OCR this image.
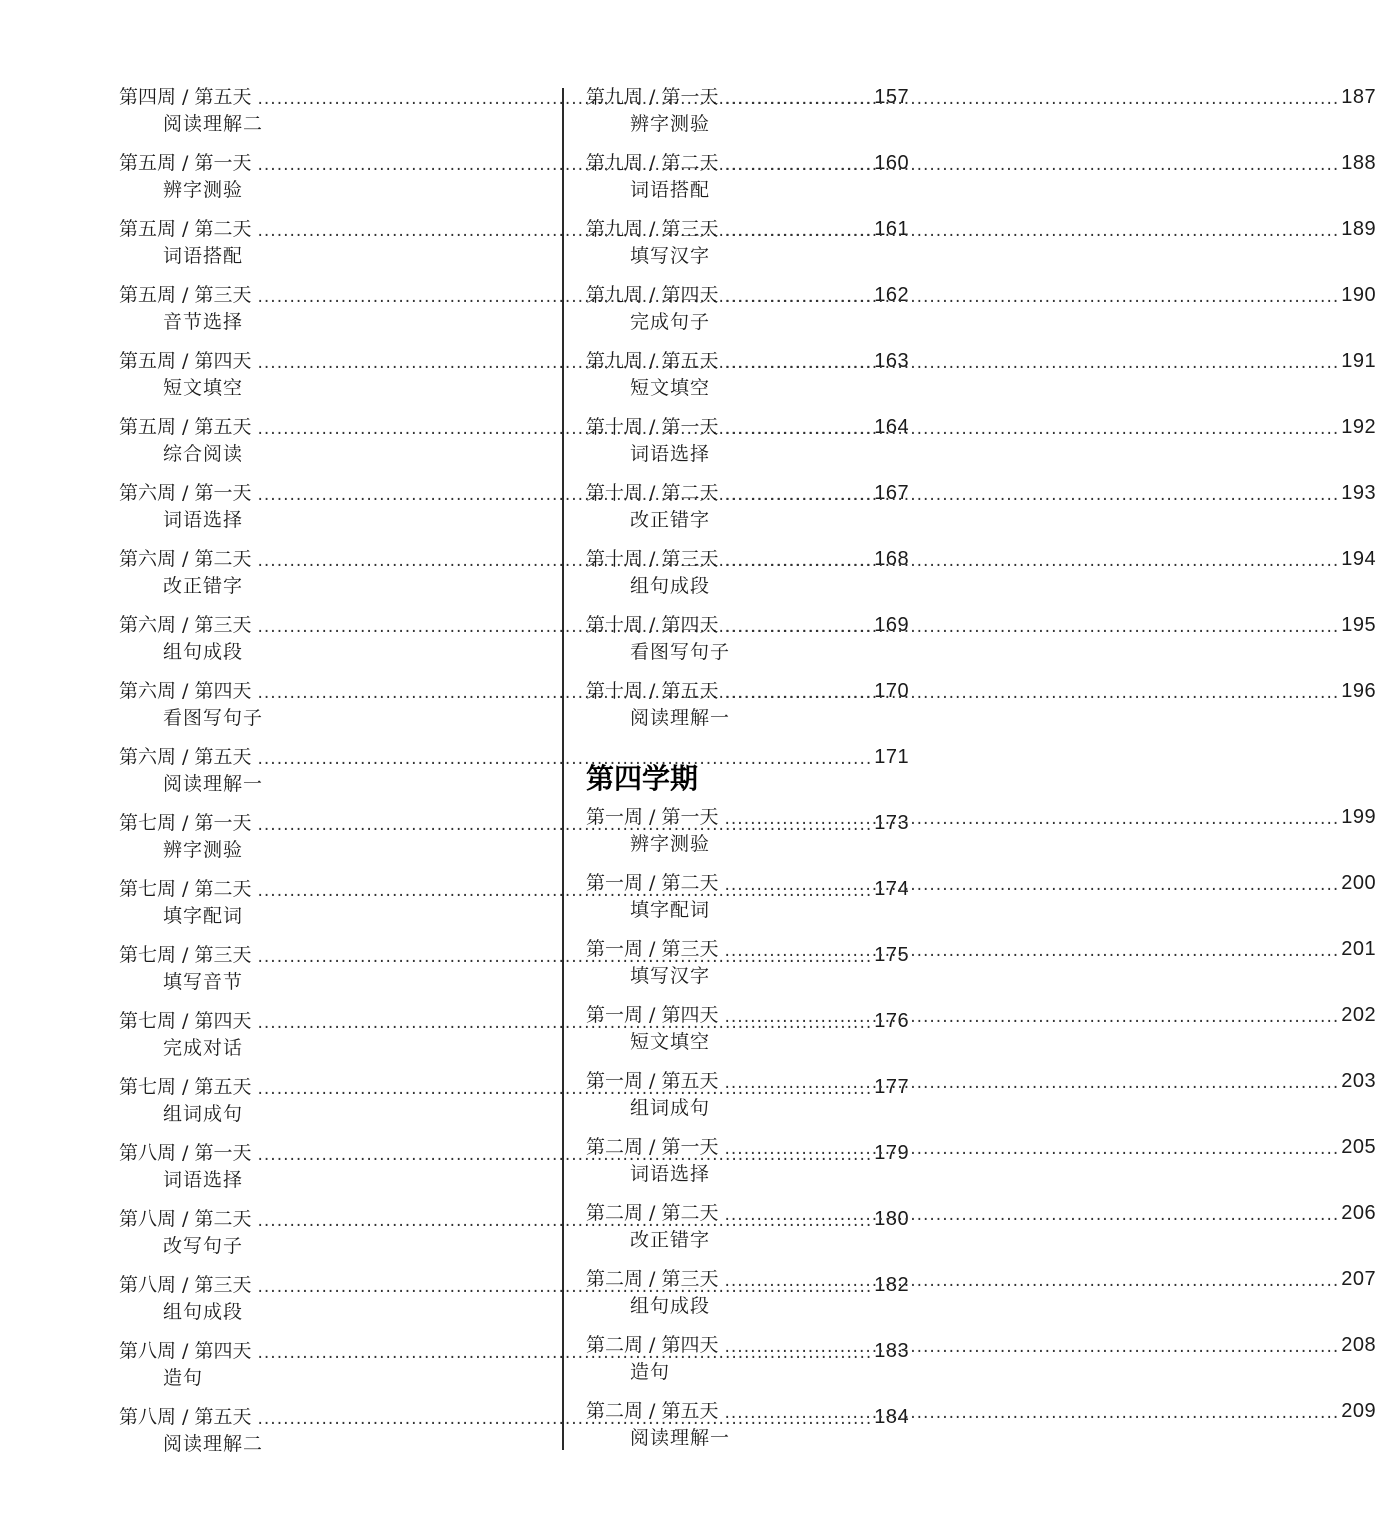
第四周 / 第五天 .....	157
阅读理解二
第五周 / 第一天 .....	160
辨字测验
第五周 / 第二天 .....	161
词语搭配
第五周 / 第三天 .....	162
音节选择
第五周 / 第四天 .....	163
短文填空
第五周 / 第五天 .....	164
综合阅读
第六周 / 第一天 .....	167
词语选择
第六周 / 第二天 .....	168
改正错字
第六周 / 第三天 .....	169
组句成段
第六周 / 第四天 .....	170
看图写句子
第六周 / 第五天 .....	171
阅读理解一
第七周 / 第一天 .....	173
辨字测验
第七周 / 第二天 .....	174
填字配词
第七周 / 第三天 .....	175
填写音节
第七周 / 第四天 .....	176
完成对话
第七周 / 第五天 .....	177
组词成句
第八周 / 第一天 .....	179
词语选择
第八周 / 第二天 .....	180
改写句子
第八周 / 第三天 .....	182
组句成段
第八周 / 第四天 .....	183
造句
第八周 / 第五天 .....	184
阅读理解二
第四学期
第九周 / 第一天 .....	187
辨字测验
第九周 / 第二天 .....	188
词语搭配
第九周 / 第三天 .....	189
填写汉字
第九周 / 第四天 .....	190
完成句子
第九周 / 第五天 .....	191
短文填空
第十周 / 第一天 .....	192
词语选择
第十周 / 第二天 .....	193
改正错字
第十周 / 第三天 .....	194
组句成段
第十周 / 第四天 .....	195
看图写句子
第十周 / 第五天 .....	196
阅读理解一
第一周 / 第一天 .....	199
辨字测验
第一周 / 第二天 .....	200
填字配词
第一周 / 第三天 .....	201
填写汉字
第一周 / 第四天 .....	202
短文填空
第一周 / 第五天 .....	203
组词成句
第二周 / 第一天 .....	205
词语选择
第二周 / 第二天 .....	206
改正错字
第二周 / 第三天 .....	207
组句成段
第二周 / 第四天 .....	208
造句
第二周 / 第五天 .....	209
阅读理解一
